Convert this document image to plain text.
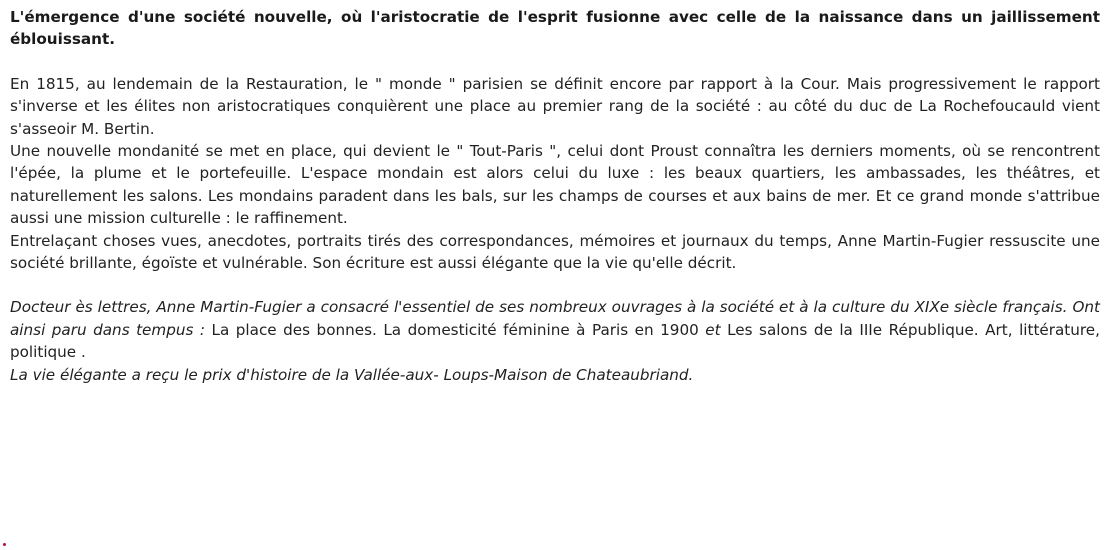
L'émergence d'une société nouvelle, où l'aristocratie de l'esprit fusionne avec celle de la naissance dans un jaillissement éblouissant.

En 1815, au lendemain de la Restauration, le " monde " parisien se définit encore par rapport à la Cour. Mais progressivement le rapport s'inverse et les élites non aristocratiques conquièrent une place au premier rang de la société : au côté du duc de La Rochefoucauld vient s'asseoir M. Bertin.

Une nouvelle mondanité se met en place, qui devient le " Tout-Paris ", celui dont Proust connaîtra les derniers moments, où se rencontrent l'épée, la plume et le portefeuille. L'espace mondain est alors celui du luxe : les beaux quartiers, les ambassades, les théâtres, et naturellement les salons. Les mondains paradent dans les bals, sur les champs de courses et aux bains de mer. Et ce grand monde s'attribue aussi une mission culturelle : le raffinement.

Entrelaçant choses vues, anecdotes, portraits tirés des correspondances, mémoires et journaux du temps, Anne Martin-Fugier ressuscite une société brillante, égoïste et vulnérable. Son écriture est aussi élégante que la vie qu'elle décrit.

Docteur ès lettres, Anne Martin-Fugier a consacré l'essentiel de ses nombreux ouvrages à la société et à la culture du XIXe siècle français. Ont ainsi paru dans tempus : La place des bonnes. La domesticité féminine à Paris en 1900 et Les salons de la IIIe République. Art, littérature, politique .

La vie élégante a reçu le prix d'histoire de la Vallée-aux- Loups-Maison de Chateaubriand.
